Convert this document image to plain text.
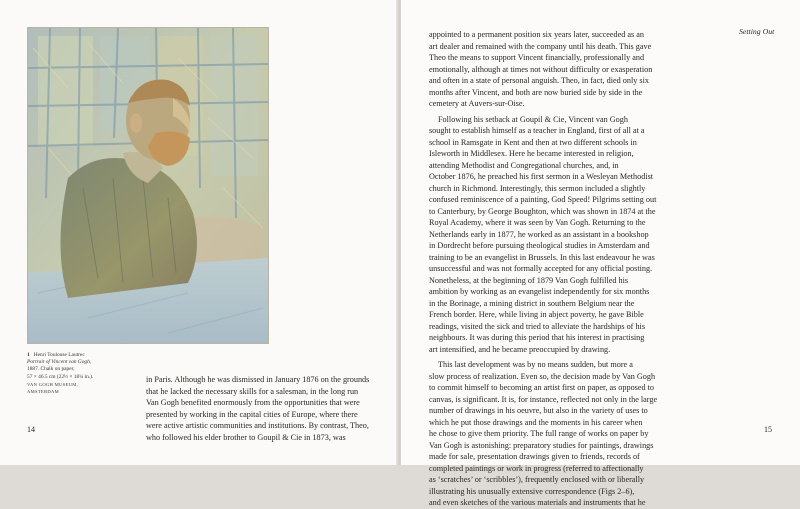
1 Henri Toulouse Lautrec
Portrait of Vincent van Gogh,
1887. Chalk on paper,
57 × 46.5 cm (22½ × 18¼ in.).
VAN GOGH MUSEUM,
AMSTERDAM
in Paris. Although he was dismissed in January 1876 on the grounds
that he lacked the necessary skills for a salesman, in the long run
Van Gogh benefited enormously from the opportunities that were
presented by working in the capital cities of Europe, where there
were active artistic communities and institutions. By contrast, Theo,
who followed his elder brother to Goupil & Cie in 1873, was
14
Setting Out
appointed to a permanent position six years later, succeeded as an
art dealer and remained with the company until his death. This gave
Theo the means to support Vincent financially, professionally and
emotionally, although at times not without difficulty or exasperation
and often in a state of personal anguish. Theo, in fact, died only six
months after Vincent, and both are now buried side by side in the
cemetery at Auvers-sur-Oise.
Following his setback at Goupil & Cie, Vincent van Gogh
sought to establish himself as a teacher in England, first of all at a
school in Ramsgate in Kent and then at two different schools in
Isleworth in Middlesex. Here he became interested in religion,
attending Methodist and Congregational churches, and, in
October 1876, he preached his first sermon in a Wesleyan Methodist
church in Richmond. Interestingly, this sermon included a slightly
confused reminiscence of a painting, God Speed! Pilgrims setting out
to Canterbury, by George Boughton, which was shown in 1874 at the
Royal Academy, where it was seen by Van Gogh. Returning to the
Netherlands early in 1877, he worked as an assistant in a bookshop
in Dordrecht before pursuing theological studies in Amsterdam and
training to be an evangelist in Brussels. In this last endeavour he was
unsuccessful and was not formally accepted for any official posting.
Nonetheless, at the beginning of 1879 Van Gogh fulfilled his
ambition by working as an evangelist independently for six months
in the Borinage, a mining district in southern Belgium near the
French border. Here, while living in abject poverty, he gave Bible
readings, visited the sick and tried to alleviate the hardships of his
neighbours. It was during this period that his interest in practising
art intensified, and he became preoccupied by drawing.
This last development was by no means sudden, but more a
slow process of realization. Even so, the decision made by Van Gogh
to commit himself to becoming an artist first on paper, as opposed to
canvas, is significant. It is, for instance, reflected not only in the large
number of drawings in his oeuvre, but also in the variety of uses to
which he put those drawings and the moments in his career when
he chose to give them priority. The full range of works on paper by
Van Gogh is astonishing: preparatory studies for paintings, drawings
made for sale, presentation drawings given to friends, records of
completed paintings or work in progress (referred to affectionally
as ‘scratches’ or ‘scribbles’), frequently enclosed with or liberally
illustrating his unusually extensive correspondence (Figs 2–6),
and even sketches of the various materials and instruments that he
15
